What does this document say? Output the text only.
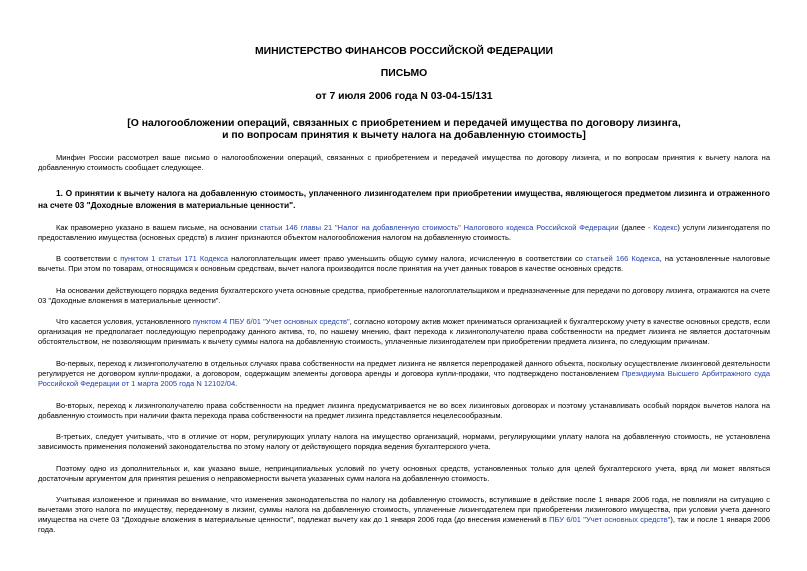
МИНИСТЕРСТВО ФИНАНСОВ РОССИЙСКОЙ ФЕДЕРАЦИИ

ПИСЬМО

от 7 июля 2006 года N 03-04-15/131

[О налогообложении операций, связанных с приобретением и передачей имущества по договору лизинга,
и по вопросам принятия к вычету налога на добавленную стоимость]

Минфин России рассмотрел ваше письмо о налогообложении операций, связанных с приобретением и передачей имущества по договору лизинга, и по вопросам принятия к вычету налога на добавленную стоимость сообщает следующее.

1. О принятии к вычету налога на добавленную стоимость, уплаченного лизингодателем при приобретении имущества, являющегося предметом лизинга и отраженного на счете 03 "Доходные вложения в материальные ценности".

Как правомерно указано в вашем письме, на основании статьи 146 главы 21 "Налог на добавленную стоимость" Налогового кодекса Российской Федерации (далее - Кодекс) услуги лизингодателя по предоставлению имущества (основных средств) в лизинг признаются объектом налогообложения налогом на добавленную стоимость.

В соответствии с пунктом 1 статьи 171 Кодекса налогоплательщик имеет право уменьшить общую сумму налога, исчисленную в соответствии со статьей 166 Кодекса, на установленные налоговые вычеты. При этом по товарам, относящимся к основным средствам, вычет налога производится после принятия на учет данных товаров в качестве основных средств.

На основании действующего порядка ведения бухгалтерского учета основные средства, приобретенные налогоплательщиком и предназначенные для передачи по договору лизинга, отражаются на счете 03 "Доходные вложения в материальные ценности".

Что касается условия, установленного пунктом 4 ПБУ 6/01 "Учет основных средств", согласно которому актив может приниматься организацией к бухгалтерскому учету в качестве основных средств, если организация не предполагает последующую перепродажу данного актива, то, по нашему мнению, факт перехода к лизингополучателю права собственности на предмет лизинга не является достаточным обстоятельством, не позволяющим принимать к вычету суммы налога на добавленную стоимость, уплаченные лизингодателем при приобретении предмета лизинга, по следующим причинам.

Во-первых, переход к лизингополучателю в отдельных случаях права собственности на предмет лизинга не является перепродажей данного объекта, поскольку осуществление лизинговой деятельности регулируется не договором купли-продажи, а договором, содержащим элементы договора аренды и договора купли-продажи, что подтверждено постановлением Президиума Высшего Арбитражного суда Российской Федерации от 1 марта 2005 года N 12102/04.

Во-вторых, переход к лизингополучателю права собственности на предмет лизинга предусматривается не во всех лизинговых договорах и поэтому устанавливать особый порядок вычетов налога на добавленную стоимость при наличии факта перехода права собственности на предмет лизинга представляется нецелесообразным.

В-третьих, следует учитывать, что в отличие от норм, регулирующих уплату налога на имущество организаций, нормами, регулирующими уплату налога на добавленную стоимость, не установлена зависимость применения положений законодательства по этому налогу от действующего порядка ведения бухгалтерского учета.

Поэтому одно из дополнительных и, как указано выше, непринципиальных условий по учету основных средств, установленных только для целей бухгалтерского учета, вряд ли может являться достаточным аргументом для принятия решения о неправомерности вычета указанных сумм налога на добавленную стоимость.

Учитывая изложенное и принимая во внимание, что изменения законодательства по налогу на добавленную стоимость, вступившие в действие после 1 января 2006 года, не повлияли на ситуацию с вычетами этого налога по имуществу, переданному в лизинг, суммы налога на добавленную стоимость, уплаченные лизингодателем при приобретении лизингового имущества, при условии учета данного имущества на счете 03 "Доходные вложения в материальные ценности", подлежат вычету как до 1 января 2006 года (до внесения изменений в ПБУ 6/01 "Учет основных средств"), так и после 1 января 2006 года.
